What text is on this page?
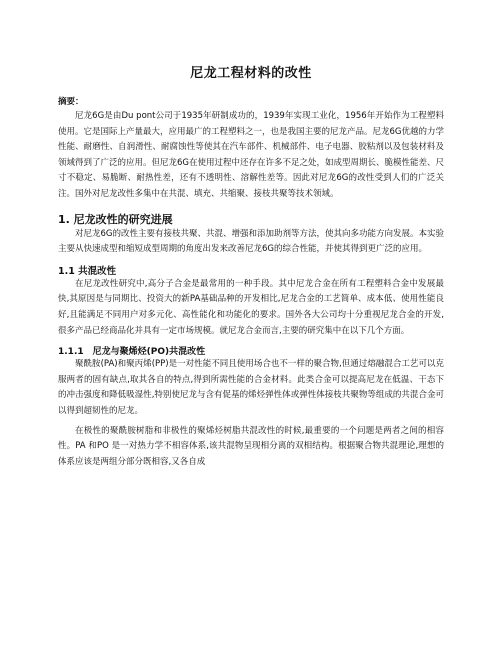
尼龙工程材料的改性
摘要：

尼龙6G是由Du pont公司于1935年研制成功的，1939年实现工业化，1956年开始作为工程塑料使用。它是国际上产量最大，应用最广的工程塑料之一，也是我国主要的尼龙产品。尼龙6G优越的力学性能、耐磨性、自润滑性、耐腐蚀性等使其在汽车部件、机械部件、电子电器、胶粘剂以及包装材料及领域得到了广泛的应用。但尼龙6G在使用过程中还存在许多不足之处，如成型周期长、脆模性能差、尺寸不稳定、易脆断、耐热性差，还有不透明性、溶解性差等。因此对尼龙6G的改性受到人们的广泛关注。国外对尼龙改性多集中在共混、填充、共缩聚、接枝共聚等技术领域。

1. 尼龙改性的研究进展

对尼龙6G的改性主要有接枝共聚、共混、增强和添加助剂等方法，使其向多功能方向发展。本实验主要从快速成型和缩短成型周期的角度出发来改善尼龙6G的综合性能，并使其得到更广泛的应用。

1.1 共混改性

在尼龙改性研究中,高分子合金是最常用的一种手段。其中尼龙合金在所有工程塑料合金中发展最快,其原因是与同期比、投资大的新PA基础品种的开发相比,尼龙合金的工艺简单、成本低、使用性能良好,且能满足不同用户对多元化、高性能化和功能化的要求。国外各大公司均十分重视尼龙合金的开发,很多产品已经商品化并具有一定市场规模。就尼龙合金而言,主要的研究集中在以下几个方面。

1.1.1　尼龙与聚烯烃(PO)共混改性

聚酰胺(PA)和聚丙烯(PP)是一对性能不同且使用场合也不一样的聚合物,但通过熔融混合工艺可以克服两者的固有缺点,取其各自的特点,得到所需性能的合金材料。此类合金可以提高尼龙在低温、干态下的冲击强度和降低吸湿性,特别使尼龙与含有促基的烯烃弹性体或弹性体接枝共聚物等组成的共混合金可以得到超韧性的尼龙。

在极性的聚酰胺树脂和非极性的聚烯烃树脂共混改性的时候,最重要的一个问题是两者之间的相容性。PA 和PO 是一对热力学不相容体系,该共混物呈现相分离的双相结构。根据聚合物共混理论,理想的体系应该是两组分部分既相容,又各自成
